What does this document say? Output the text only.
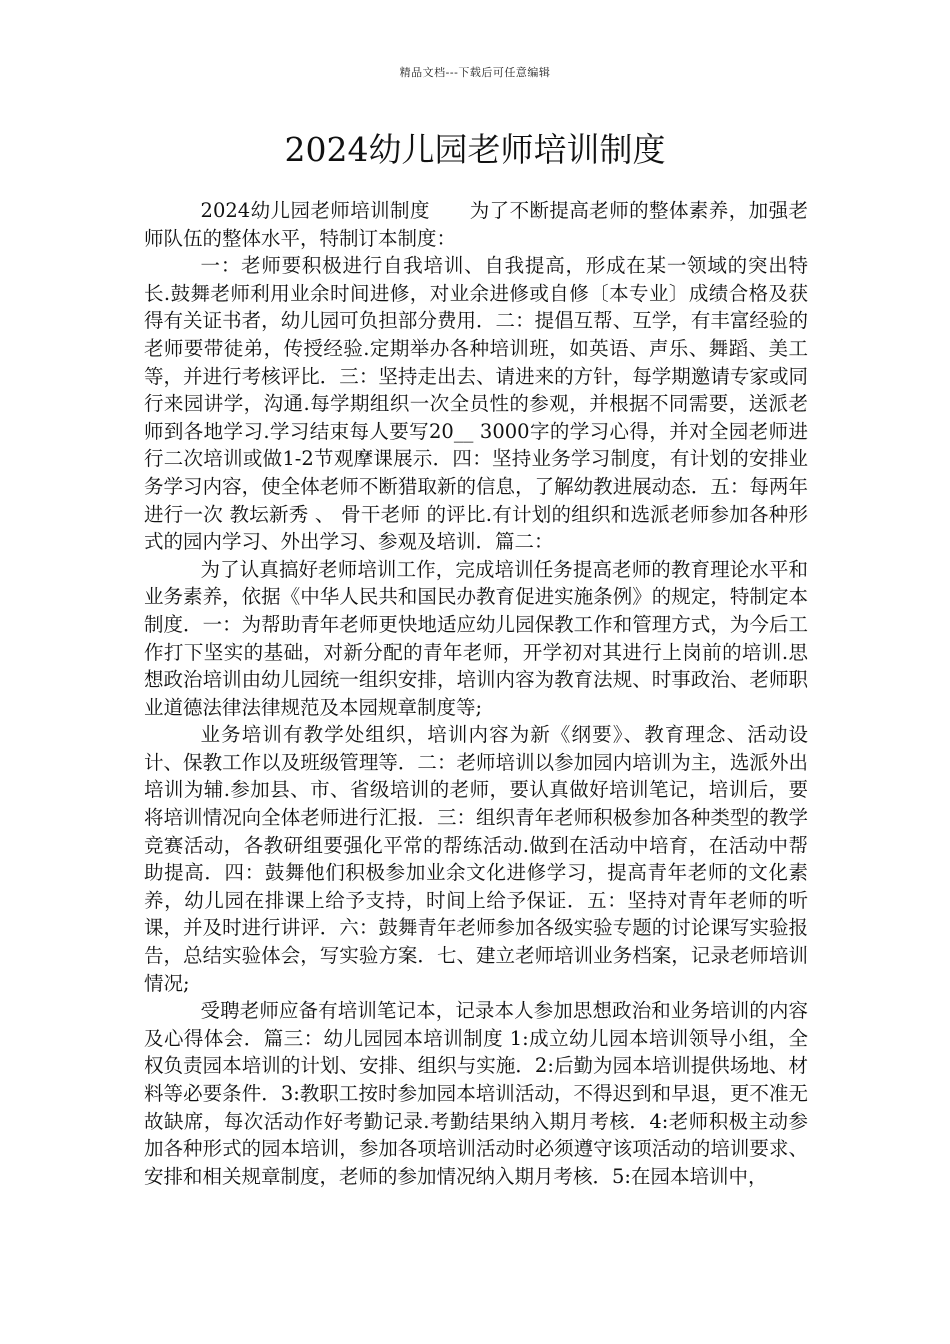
精品文档---下载后可任意编辑
2024幼儿园老师培训制度

2024幼儿园老师培训制度　　为了不断提高老师的整体素养，加强老师队伍的整体水平，特制订本制度：

一：老师要积极进行自我培训、自我提高，形成在某一领域的突出特长.鼓舞老师利用业余时间进修，对业余进修或自修〔本专业〕成绩合格及获得有关证书者，幼儿园可负担部分费用．二：提倡互帮、互学，有丰富经验的老师要带徒弟，传授经验.定期举办各种培训班，如英语、声乐、舞蹈、美工等，并进行考核评比．三：坚持走出去、请进来的方针，每学期邀请专家或同行来园讲学，沟通.每学期组织一次全员性的参观，并根据不同需要，送派老师到各地学习.学习结束每人要写20__ 3000字的学习心得，并对全园老师进行二次培训或做1-2节观摩课展示．四：坚持业务学习制度，有计划的安排业务学习内容，使全体老师不断猎取新的信息，了解幼教进展动态．五：每两年进行一次 教坛新秀 、 骨干老师 的评比.有计划的组织和选派老师参加各种形式的园内学习、外出学习、参观及培训．篇二：

为了认真搞好老师培训工作，完成培训任务提高老师的教育理论水平和业务素养，依据《中华人民共和国民办教育促进实施条例》的规定，特制定本制度．一：为帮助青年老师更快地适应幼儿园保教工作和管理方式，为今后工作打下坚实的基础，对新分配的青年老师，开学初对其进行上岗前的培训.思想政治培训由幼儿园统一组织安排，培训内容为教育法规、时事政治、老师职业道德法律法律规范及本园规章制度等;

业务培训有教学处组织，培训内容为新《纲要》、教育理念、活动设计、保教工作以及班级管理等．二：老师培训以参加园内培训为主，选派外出培训为辅.参加县、市、省级培训的老师，要认真做好培训笔记，培训后，要将培训情况向全体老师进行汇报．三：组织青年老师积极参加各种类型的教学竞赛活动，各教研组要强化平常的帮练活动.做到在活动中培育，在活动中帮助提高．四：鼓舞他们积极参加业余文化进修学习，提高青年老师的文化素养，幼儿园在排课上给予支持，时间上给予保证．五：坚持对青年老师的听课，并及时进行讲评．六：鼓舞青年老师参加各级实验专题的讨论课写实验报告，总结实验体会，写实验方案．七、建立老师培训业务档案，记录老师培训情况;

受聘老师应备有培训笔记本，记录本人参加思想政治和业务培训的内容及心得体会．篇三：幼儿园园本培训制度 1:成立幼儿园本培训领导小组，全权负责园本培训的计划、安排、组织与实施．2:后勤为园本培训提供场地、材料等必要条件．3:教职工按时参加园本培训活动，不得迟到和早退，更不准无故缺席，每次活动作好考勤记录.考勤结果纳入期月考核．4:老师积极主动参加各种形式的园本培训，参加各项培训活动时必须遵守该项活动的培训要求、安排和相关规章制度，老师的参加情况纳入期月考核．5:在园本培训中，
